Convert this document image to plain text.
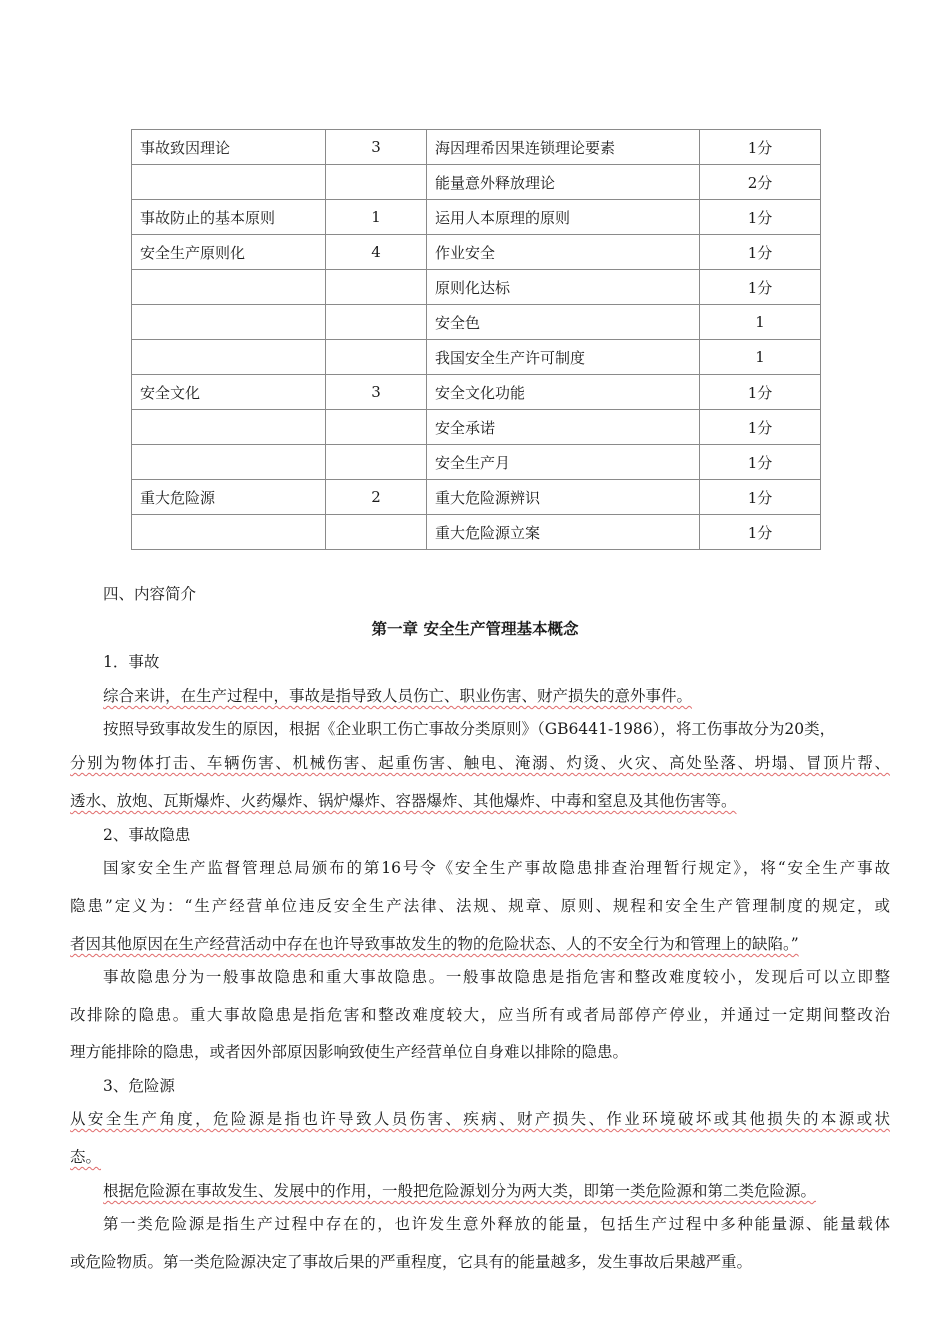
事故致因理论	3	海因理希因果连锁理论要素	1分
		能量意外释放理论	2分
事故防止的基本原则	1	运用人本原理的原则	1分
安全生产原则化	4	作业安全	1分
		原则化达标	1分
		安全色	1
		我国安全生产许可制度	1
安全文化	3	安全文化功能	1分
		安全承诺	1分
		安全生产月	1分
重大危险源	2	重大危险源辨识	1分
		重大危险源立案	1分
四、内容简介
第一章 安全生产管理基本概念
1．事故
综合来讲，在生产过程中，事故是指导致人员伤亡、职业伤害、财产损失的意外事件。
按照导致事故发生的原因，根据《企业职工伤亡事故分类原则》（GB6441-1986），将工伤事故分为20类，
分别为物体打击、车辆伤害、机械伤害、起重伤害、触电、淹溺、灼烫、火灾、高处坠落、坍塌、冒顶片帮、
透水、放炮、瓦斯爆炸、火药爆炸、锅炉爆炸、容器爆炸、其他爆炸、中毒和窒息及其他伤害等。
2、事故隐患
国家安全生产监督管理总局颁布的第16号令《安全生产事故隐患排查治理暂行规定》，将“安全生产事故
隐患”定义为：“生产经营单位违反安全生产法律、法规、规章、原则、规程和安全生产管理制度的规定，或
者因其他原因在生产经营活动中存在也许导致事故发生的物的危险状态、人的不安全行为和管理上的缺陷。”
事故隐患分为一般事故隐患和重大事故隐患。一般事故隐患是指危害和整改难度较小，发现后可以立即整
改排除的隐患。重大事故隐患是指危害和整改难度较大，应当所有或者局部停产停业，并通过一定期间整改治
理方能排除的隐患，或者因外部原因影响致使生产经营单位自身难以排除的隐患。
3、危险源
从安全生产角度，危险源是指也许导致人员伤害、疾病、财产损失、作业环境破坏或其他损失的本源或状
态。
根据危险源在事故发生、发展中的作用，一般把危险源划分为两大类，即第一类危险源和第二类危险源。
第一类危险源是指生产过程中存在的，也许发生意外释放的能量，包括生产过程中多种能量源、能量载体
或危险物质。第一类危险源决定了事故后果的严重程度，它具有的能量越多，发生事故后果越严重。
